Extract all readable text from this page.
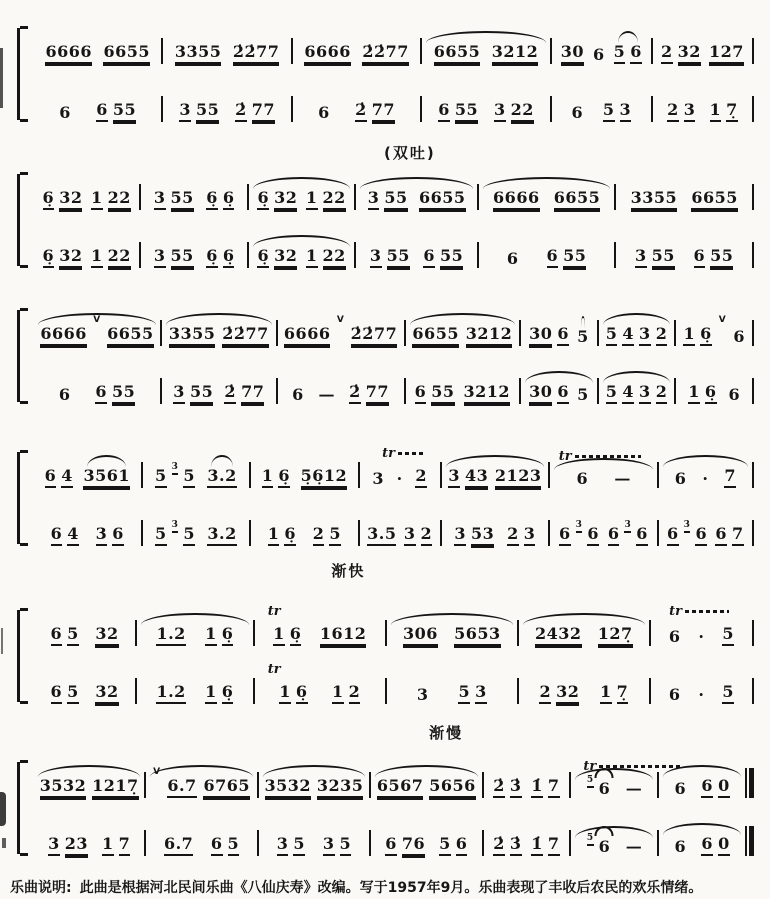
6666 6655 3355 2̇2̇77 6666 2̇2̇77 6655 3212 30 6 5 6 2 32 127
6 6 55	3 55 2̇ 77	6 2̇ 77	6 55 3 22 6 5 3 2 3 1 7̣
(双吐)
6̣ 32 1 22 3 55 6̣ 6̣ 6̣ 32 1 22 3 55 6655 6666 6655 3355 6655
6̣ 32 1 22 3 55 6̣ 6̣ 6̣ 32 1 22 3 55 6 55	6 6 55	3 55 6 55
6666
V
6655 3355 2̇2̇77 6666
V
2̇2̇77 6655 3212 30 6 5 5 4 3 2 1 6̣
V
6
6 6 55 3 55 2̇ 77 6 — 2̇ 77 6 55 3212 30 6 5 5 4 3 2 1 6̣ 6
6 4 3561 5 3 5 3.2 1 6̣ 5̣6̣12
tr
3 · 2 3 43 2123
tr
6 —	6 · 7
6 4 3 6 5 3 5 3.2 1 6̣ 2 5 3.5 3 2 3 53 2 3 6 3 6 6 3 6 6 3 6 6 7
渐快
6 5 32 1.2 1 6̣
tr
1 6̣ 1612 306 5653 2432 127̣
tr
6 · 5
6 5 32 1.2 1 6̣
tr
1 6̣ 1 2	3 5 3	2 32 1 7̣	6 · 5
渐慢
3532 1217̣
V
6.7 6765 3532 3235 6567 5656 2̇ 3̇ 1̇ 7
tr
5 6 — 6 6 0
3 23 1 7 6.7 6 5 3 5 3 5 6 76 5 6 2̇ 3̇ 1̇ 7	5 6 — 6 6 0
乐曲说明: 此曲是根据河北民间乐曲《八仙庆寿》改编。写于1957年9月。乐曲表现了丰收后农民的欢乐情绪。
